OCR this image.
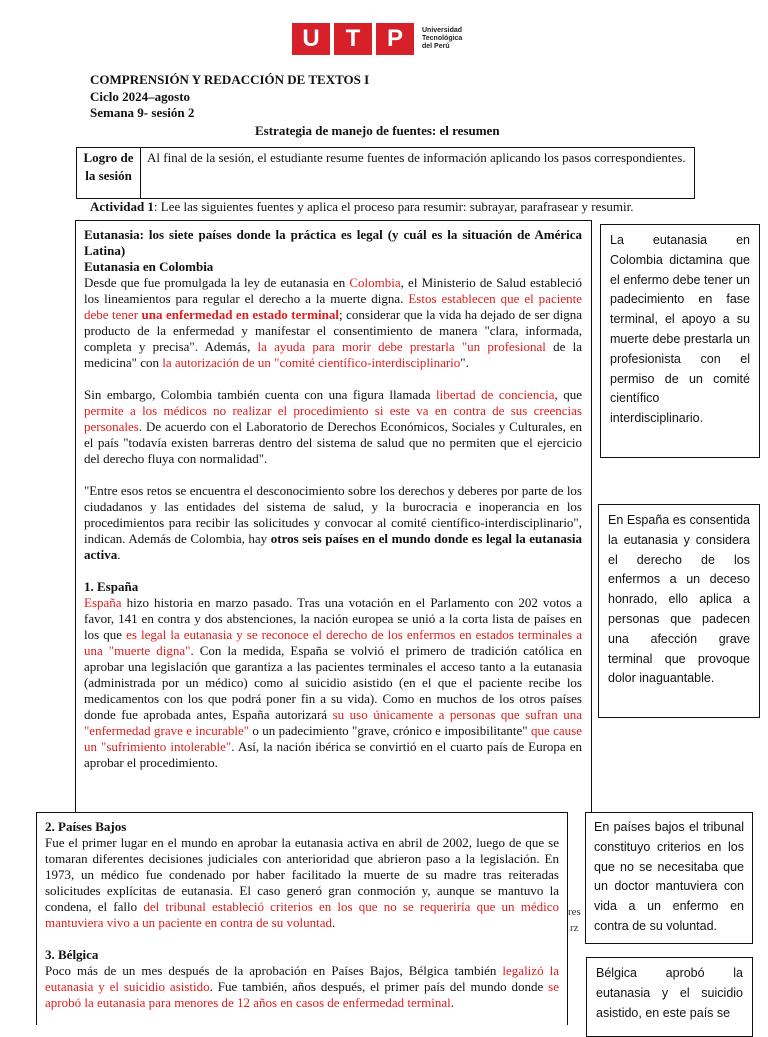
U	T	P	Universidad
Tecnológica
del Perú
COMPRENSIÓN Y REDACCIÓN DE TEXTOS I
Ciclo 2024–agosto
Semana 9- sesión 2
Estrategia de manejo de fuentes: el resumen
Logro de la sesión
Al final de la sesión, el estudiante resume fuentes de información aplicando los pasos correspondientes.
Actividad 1: Lee las siguientes fuentes y aplica el proceso para resumir: subrayar, parafrasear y resumir.

Eutanasia: los siete países donde la práctica es legal (y cuál es la situación de América Latina)

Eutanasia en Colombia

Desde que fue promulgada la ley de eutanasia en Colombia, el Ministerio de Salud estableció los lineamientos para regular el derecho a la muerte digna. Estos establecen que el paciente debe tener una enfermedad en estado terminal; considerar que la vida ha dejado de ser digna producto de la enfermedad y manifestar el consentimiento de manera "clara, informada, completa y precisa". Además, la ayuda para morir debe prestarla "un profesional de la medicina" con la autorización de un "comité científico-interdisciplinario".

Sin embargo, Colombia también cuenta con una figura llamada libertad de conciencia, que permite a los médicos no realizar el procedimiento si este va en contra de sus creencias personales. De acuerdo con el Laboratorio de Derechos Económicos, Sociales y Culturales, en el país "todavía existen barreras dentro del sistema de salud que no permiten que el ejercicio del derecho fluya con normalidad".

"Entre esos retos se encuentra el desconocimiento sobre los derechos y deberes por parte de los ciudadanos y las entidades del sistema de salud, y la burocracia e inoperancia en los procedimientos para recibir las solicitudes y convocar al comité científico-interdisciplinario", indican. Además de Colombia, hay otros seis países en el mundo donde es legal la eutanasia activa.

1. España

España hizo historia en marzo pasado. Tras una votación en el Parlamento con 202 votos a favor, 141 en contra y dos abstenciones, la nación europea se unió a la corta lista de países en los que es legal la eutanasia y se reconoce el derecho de los enfermos en estados terminales a una "muerte digna". Con la medida, España se volvió el primero de tradición católica en aprobar una legislación que garantiza a las pacientes terminales el acceso tanto a la eutanasia (administrada por un médico) como al suicidio asistido (en el que el paciente recibe los medicamentos con los que podrá poner fin a su vida). Como en muchos de los otros países donde fue aprobada antes, España autorizará su uso únicamente a personas que sufran una "enfermedad grave e incurable" o un padecimiento "grave, crónico e imposibilitante" que cause un "sufrimiento intolerable". Así, la nación ibérica se convirtió en el cuarto país de Europa en aprobar el procedimiento.

res
rz

2. Países Bajos

Fue el primer lugar en el mundo en aprobar la eutanasia activa en abril de 2002, luego de que se tomaran diferentes decisiones judiciales con anterioridad que abrieron paso a la legislación. En 1973, un médico fue condenado por haber facilitado la muerte de su madre tras reiteradas solicitudes explícitas de eutanasia. El caso generó gran conmoción y, aunque se mantuvo la condena, el fallo del tribunal estableció criterios en los que no se requeriría que un médico mantuviera vivo a un paciente en contra de su voluntad.

3. Bélgica

Poco más de un mes después de la aprobación en Países Bajos, Bélgica también legalizó la eutanasia y el suicidio asistido. Fue también, años después, el primer país del mundo donde se aprobó la eutanasia para menores de 12 años en casos de enfermedad terminal.

La eutanasia en Colombia dictamina que el enfermo debe tener un padecimiento en fase terminal, el apoyo a su muerte debe prestarla un profesionista con el permiso de un comité científico interdisciplinario.
En España es consentida la eutanasia y considera el derecho de los enfermos a un deceso honrado, ello aplica a personas que padecen una afección grave terminal que provoque dolor inaguantable.
En países bajos el tribunal constituyo criterios en los que no se necesitaba que un doctor mantuviera con vida a un enfermo en contra de su voluntad.
Bélgica aprobó la eutanasia y el suicidio asistido, en este país se
